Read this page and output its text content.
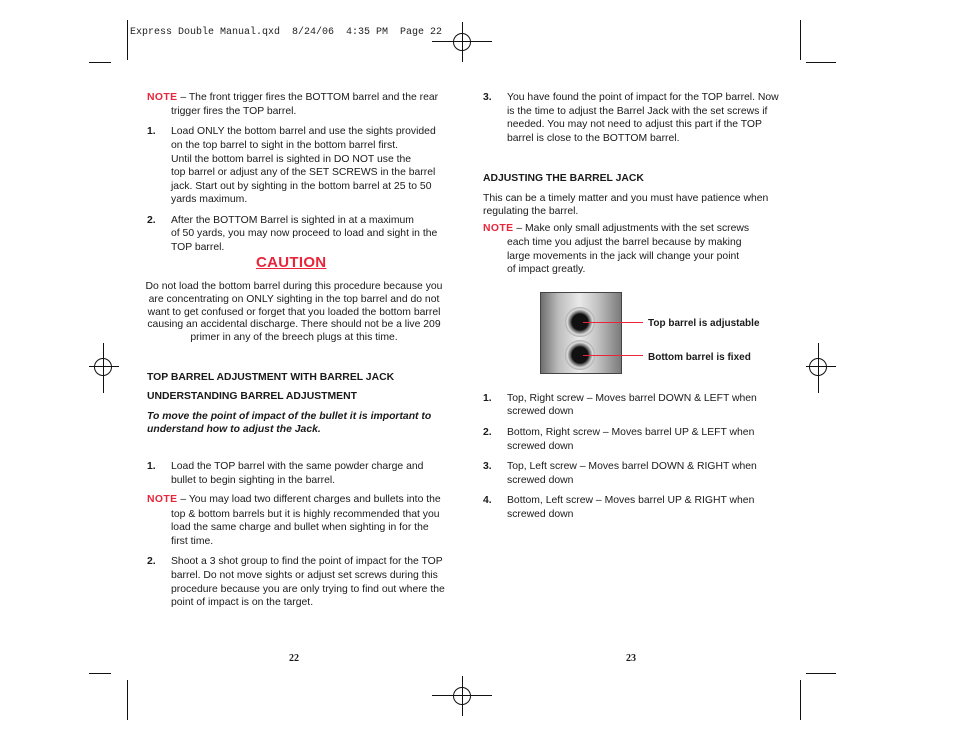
Express Double Manual.qxd  8/24/06  4:35 PM  Page 22
NOTE – The front trigger fires the BOTTOM barrel and the rear
trigger fires the TOP barrel.
1. Load ONLY the bottom barrel and use the sights provided
on the top barrel to sight in the bottom barrel first.
Until the bottom barrel is sighted in DO NOT use the
top barrel or adjust any of the SET SCREWS in the barrel
jack. Start out by sighting in the bottom barrel at 25 to 50
yards maximum.
2. After the BOTTOM Barrel is sighted in at a maximum
of 50 yards, you may now proceed to load and sight in the
TOP barrel.
CAUTION
Do not load the bottom barrel during this procedure because you
are concentrating on ONLY sighting in the top barrel and do not
want to get confused or forget that you loaded the bottom barrel
causing an accidental discharge. There should not be a live 209
primer in any of the breech plugs at this time.
TOP BARREL ADJUSTMENT WITH BARREL JACK
UNDERSTANDING BARREL ADJUSTMENT
To move the point of impact of the bullet it is important to
understand how to adjust the Jack.
1. Load the TOP barrel with the same powder charge and
bullet to begin sighting in the barrel.
NOTE – You may load two different charges and bullets into the
top & bottom barrels but it is highly recommended that you
load the same charge and bullet when sighting in for the
first time.
2. Shoot a 3 shot group to find the point of impact for the TOP
barrel. Do not move sights or adjust set screws during this
procedure because you are only trying to find out where the
point of impact is on the target.
22
3. You have found the point of impact for the TOP barrel. Now
is the time to adjust the Barrel Jack with the set screws if
needed. You may not need to adjust this part if the TOP
barrel is close to the BOTTOM barrel.
ADJUSTING THE BARREL JACK
This can be a timely matter and you must have patience when
regulating the barrel.
NOTE – Make only small adjustments with the set screws
each time you adjust the barrel because by making
large movements in the jack will change your point
of impact greatly.
Top barrel is adjustable
Bottom barrel is fixed
1. Top, Right screw – Moves barrel DOWN & LEFT when
screwed down
2. Bottom, Right screw – Moves barrel UP & LEFT when
screwed down
3. Top, Left screw – Moves barrel DOWN & RIGHT when
screwed down
4. Bottom, Left screw – Moves barrel UP & RIGHT when
screwed down
23
